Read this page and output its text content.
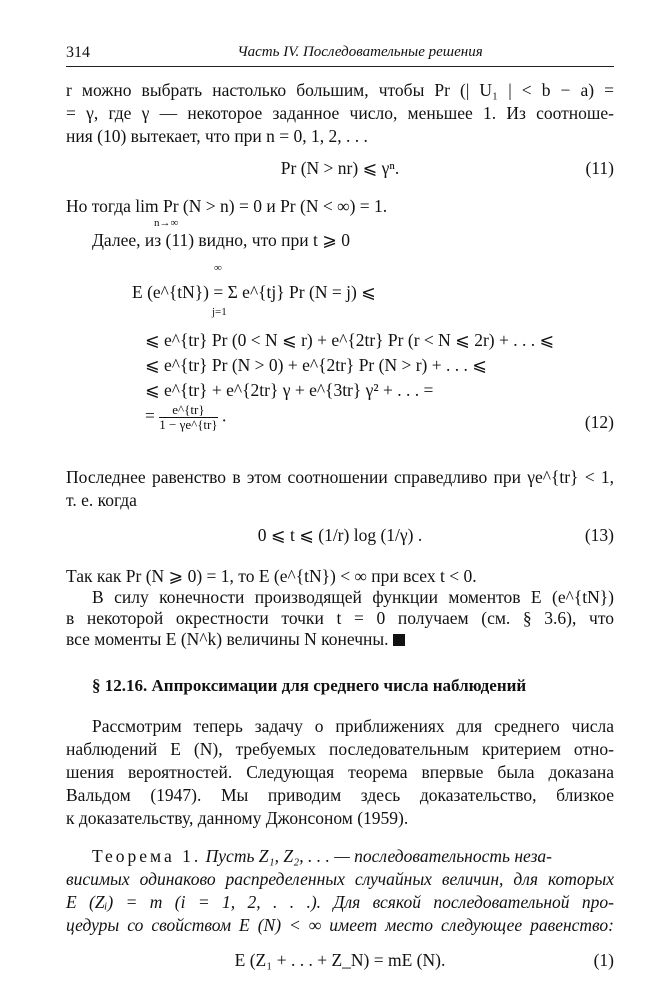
314	Часть IV. Последовательные решения
r можно выбрать настолько большим, чтобы Pr (| U₁ | < b − a) =
= γ, где γ — некоторое заданное число, меньшее 1. Из соотноше-
ния (10) вытекает, что при n = 0, 1, 2, . . .
Pr (N > nr) ⩽ γⁿ.	(11)
Но тогда lim Pr (N > n) = 0 и Pr (N < ∞) = 1.
n→∞
Далее, из (11) видно, что при t ⩾ 0
∞
E (e^{tN}) = Σ e^{tj} Pr (N = j) ⩽
j=1
⩽ e^{tr} Pr (0 < N ⩽ r) + e^{2tr} Pr (r < N ⩽ 2r) + . . . ⩽
⩽ e^{tr} Pr (N > 0) + e^{2tr} Pr (N > r) + . . . ⩽
⩽ e^{tr} + e^{2tr} γ + e^{3tr} γ² + . . . =
= $\frac{e\^{}\{tr\}}{1 - \gamma e\^{}\{tr\}}$ .	(12)
Последнее равенство в этом соотношении справедливо при γe^{tr} < 1,
т. е. когда
0 ⩽ t ⩽ (1/r) log (1/γ) .	(13)
Так как Pr (N ⩾ 0) = 1, то E (e^{tN}) < ∞ при всех t < 0.
В силу конечности производящей функции моментов E (e^{tN})
в некоторой окрестности точки t = 0 получаем (см. § 3.6), что
все моменты E (N^k) величины N конечны.
§ 12.16. Аппроксимации для среднего числа наблюдений
Рассмотрим теперь задачу о приближениях для среднего числа
наблюдений E (N), требуемых последовательным критерием отно-
шения вероятностей. Следующая теорема впервые была доказана
Вальдом (1947). Мы приводим здесь доказательство, близкое
к доказательству, данному Джонсоном (1959).
Теорема 1. Пусть Z₁, Z₂, . . . — последовательность неза-
висимых одинаково распределенных случайных величин, для которых
E (Zᵢ) = m (i = 1, 2, . . .). Для всякой последовательной про-
цедуры со свойством E (N) < ∞ имеет место следующее равенство:
E (Z₁ + . . . + Z_N) = mE (N).	(1)
